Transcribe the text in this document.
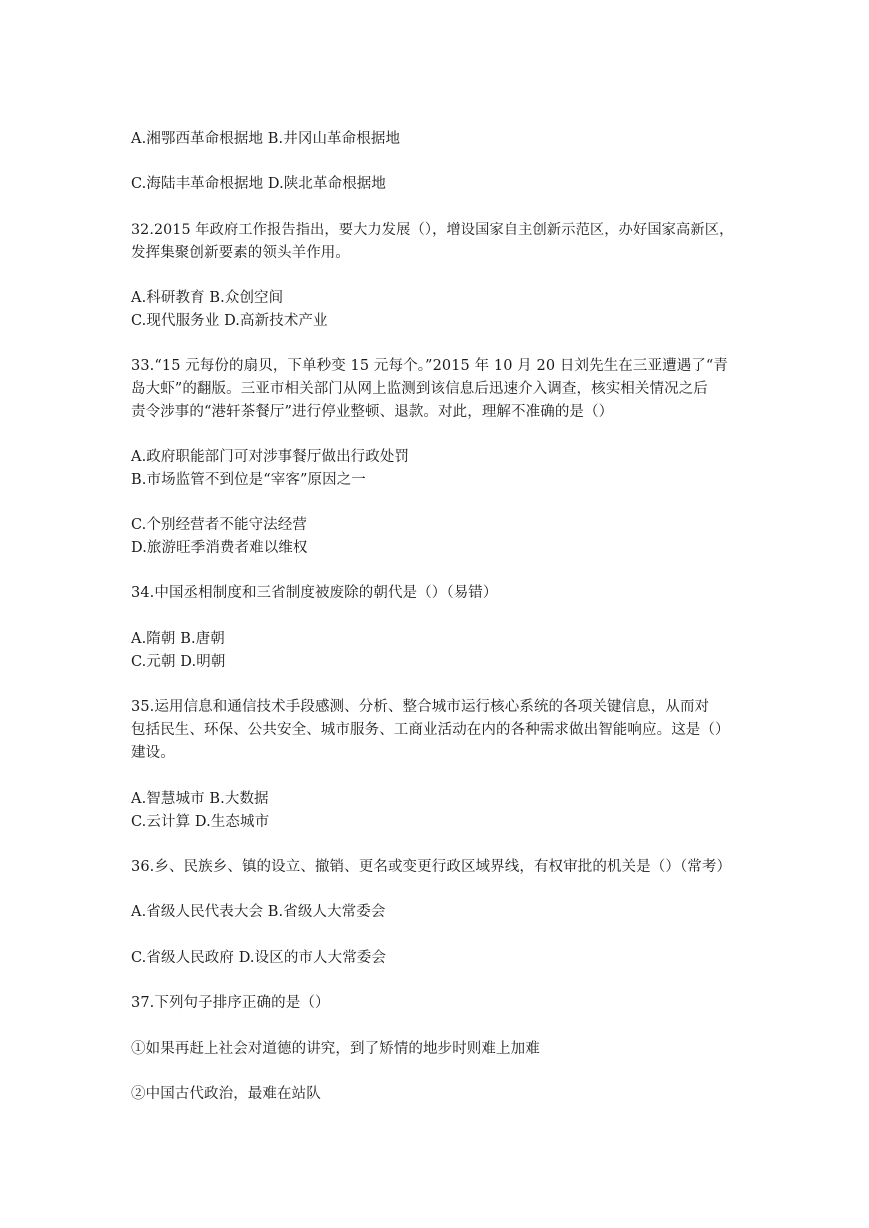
A.湘鄂西革命根据地 B.井冈山革命根据地
C.海陆丰革命根据地 D.陕北革命根据地
32.2015 年政府工作报告指出，要大力发展（），增设国家自主创新示范区，办好国家高新区，
发挥集聚创新要素的领头羊作用。
A.科研教育 B.众创空间
C.现代服务业 D.高新技术产业
33.“15 元每份的扇贝，下单秒变 15 元每个。”2015 年 10 月 20 日刘先生在三亚遭遇了“青
岛大虾”的翻版。三亚市相关部门从网上监测到该信息后迅速介入调查，核实相关情况之后
责令涉事的“港轩茶餐厅”进行停业整顿、退款。对此，理解不准确的是（）
A.政府职能部门可对涉事餐厅做出行政处罚
B.市场监管不到位是“宰客”原因之一
C.个别经营者不能守法经营
D.旅游旺季消费者难以维权
34.中国丞相制度和三省制度被废除的朝代是（）（易错）
A.隋朝 B.唐朝
C.元朝 D.明朝
35.运用信息和通信技术手段感测、分析、整合城市运行核心系统的各项关键信息，从而对
包括民生、环保、公共安全、城市服务、工商业活动在内的各种需求做出智能响应。这是（）
建设。
A.智慧城市 B.大数据
C.云计算 D.生态城市
36.乡、民族乡、镇的设立、撤销、更名或变更行政区域界线，有权审批的机关是（）（常考）
A.省级人民代表大会 B.省级人大常委会
C.省级人民政府 D.设区的市人大常委会
37.下列句子排序正确的是（）
①如果再赶上社会对道德的讲究，到了矫情的地步时则难上加难
②中国古代政治，最难在站队
